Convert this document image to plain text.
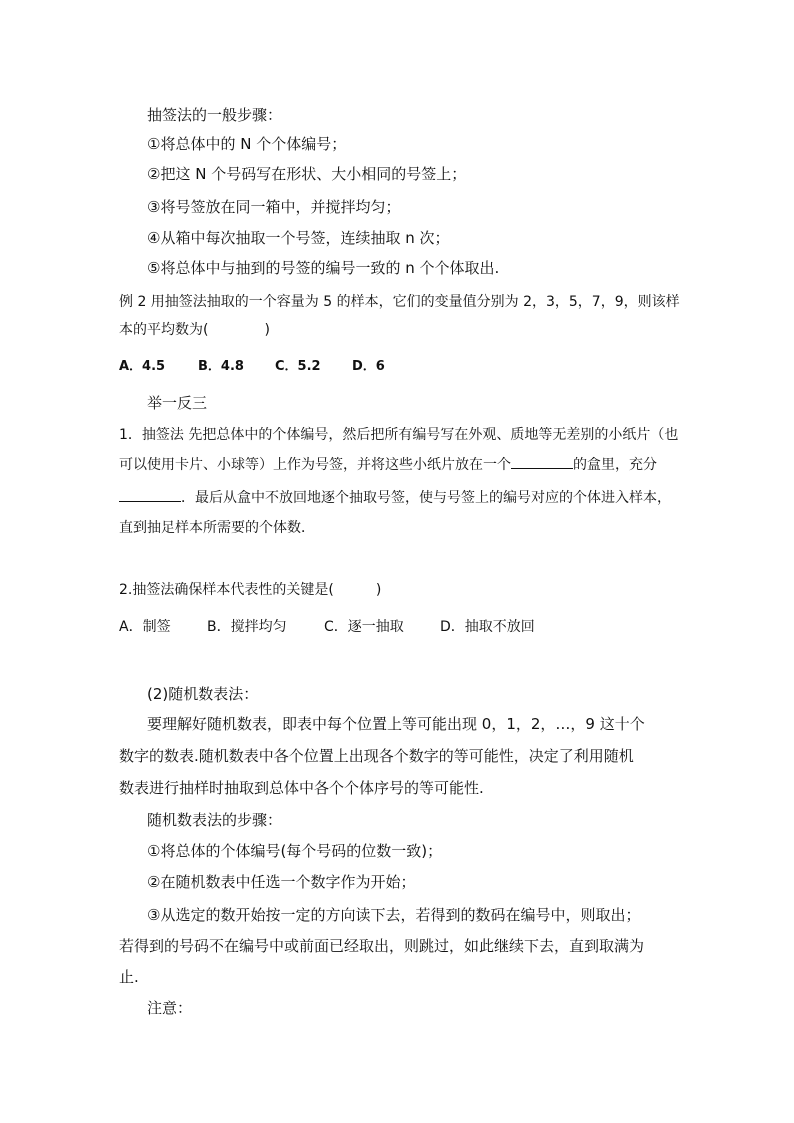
抽签法的一般步骤：
①将总体中的 N 个个体编号；
②把这 N 个号码写在形状、大小相同的号签上；
③将号签放在同一箱中，并搅拌均匀；
④从箱中每次抽取一个号签，连续抽取 n 次；
⑤将总体中与抽到的号签的编号一致的 n 个个体取出.
例 2 用抽签法抽取的一个容量为 5 的样本，它们的变量值分别为 2，3，5，7，9，则该样
本的平均数为(　　　　)
A．4.5	B．4.8 C．5.2 D．6
举一反三
1．抽签法 先把总体中的个体编号，然后把所有编号写在外观、质地等无差别的小纸片（也
可以使用卡片、小球等）上作为号签，并将这些小纸片放在一个	的盒里，充分
．最后从盒中不放回地逐个抽取号签，使与号签上的编号对应的个体进入样本，
直到抽足样本所需要的个体数．
2.抽签法确保样本代表性的关键是(　　　)
A．制签	B．搅拌均匀	C．逐一抽取	D．抽取不放回
(2)随机数表法：
要理解好随机数表，即表中每个位置上等可能出现 0，1，2，…，9 这十个
数字的数表.随机数表中各个位置上出现各个数字的等可能性，决定了利用随机
数表进行抽样时抽取到总体中各个个体序号的等可能性.
随机数表法的步骤：
①将总体的个体编号(每个号码的位数一致)；
②在随机数表中任选一个数字作为开始；
③从选定的数开始按一定的方向读下去，若得到的数码在编号中，则取出；
若得到的号码不在编号中或前面已经取出，则跳过，如此继续下去，直到取满为
止.
注意：
